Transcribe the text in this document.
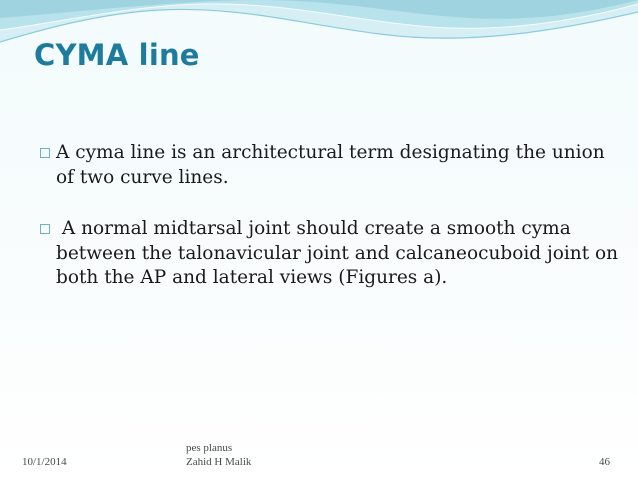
CYMA line
A cyma line is an architectural term designating the union of two curve lines.
A normal midtarsal joint should create a smooth cyma between the talonavicular joint and calcaneocuboid joint on both the AP and lateral views (Figures a).
10/1/2014
pes planus
Zahid H Malik	46
